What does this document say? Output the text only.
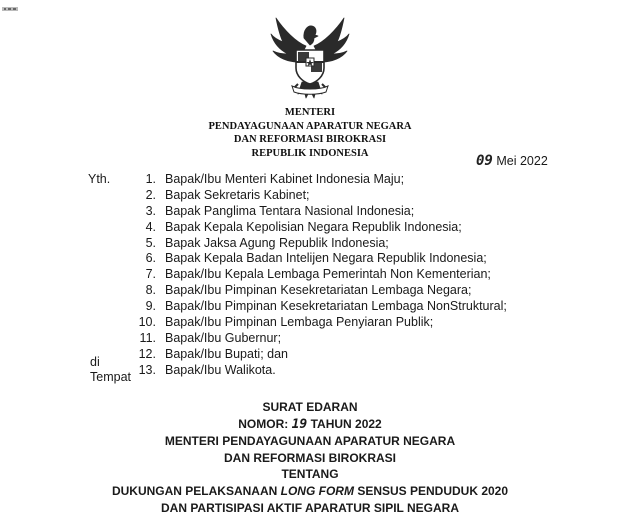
MENTERI
PENDAYAGUNAAN APARATUR NEGARA
DAN REFORMASI BIROKRASI
REPUBLIK INDONESIA	09 Mei 2022
Yth.	1. Bapak/Ibu Menteri Kabinet Indonesia Maju;
2. Bapak Sekretaris Kabinet;
3. Bapak Panglima Tentara Nasional Indonesia;
4. Bapak Kepala Kepolisian Negara Republik Indonesia;
5. Bapak Jaksa Agung Republik Indonesia;
6. Bapak Kepala Badan Intelijen Negara Republik Indonesia;
7. Bapak/Ibu Kepala Lembaga Pemerintah Non Kementerian;
8. Bapak/Ibu Pimpinan Kesekretariatan Lembaga Negara;
9. Bapak/Ibu Pimpinan Kesekretariatan Lembaga NonStruktural;
10. Bapak/Ibu Pimpinan Lembaga Penyiaran Publik;
11. Bapak/Ibu Gubernur;
12. Bapak/Ibu Bupati; dan
13. Bapak/Ibu Walikota.
di
Tempat
SURAT EDARAN
NOMOR: 19 TAHUN 2022
MENTERI PENDAYAGUNAAN APARATUR NEGARA
DAN REFORMASI BIROKRASI
TENTANG
DUKUNGAN PELAKSANAAN LONG FORM SENSUS PENDUDUK 2020
DAN PARTISIPASI AKTIF APARATUR SIPIL NEGARA
